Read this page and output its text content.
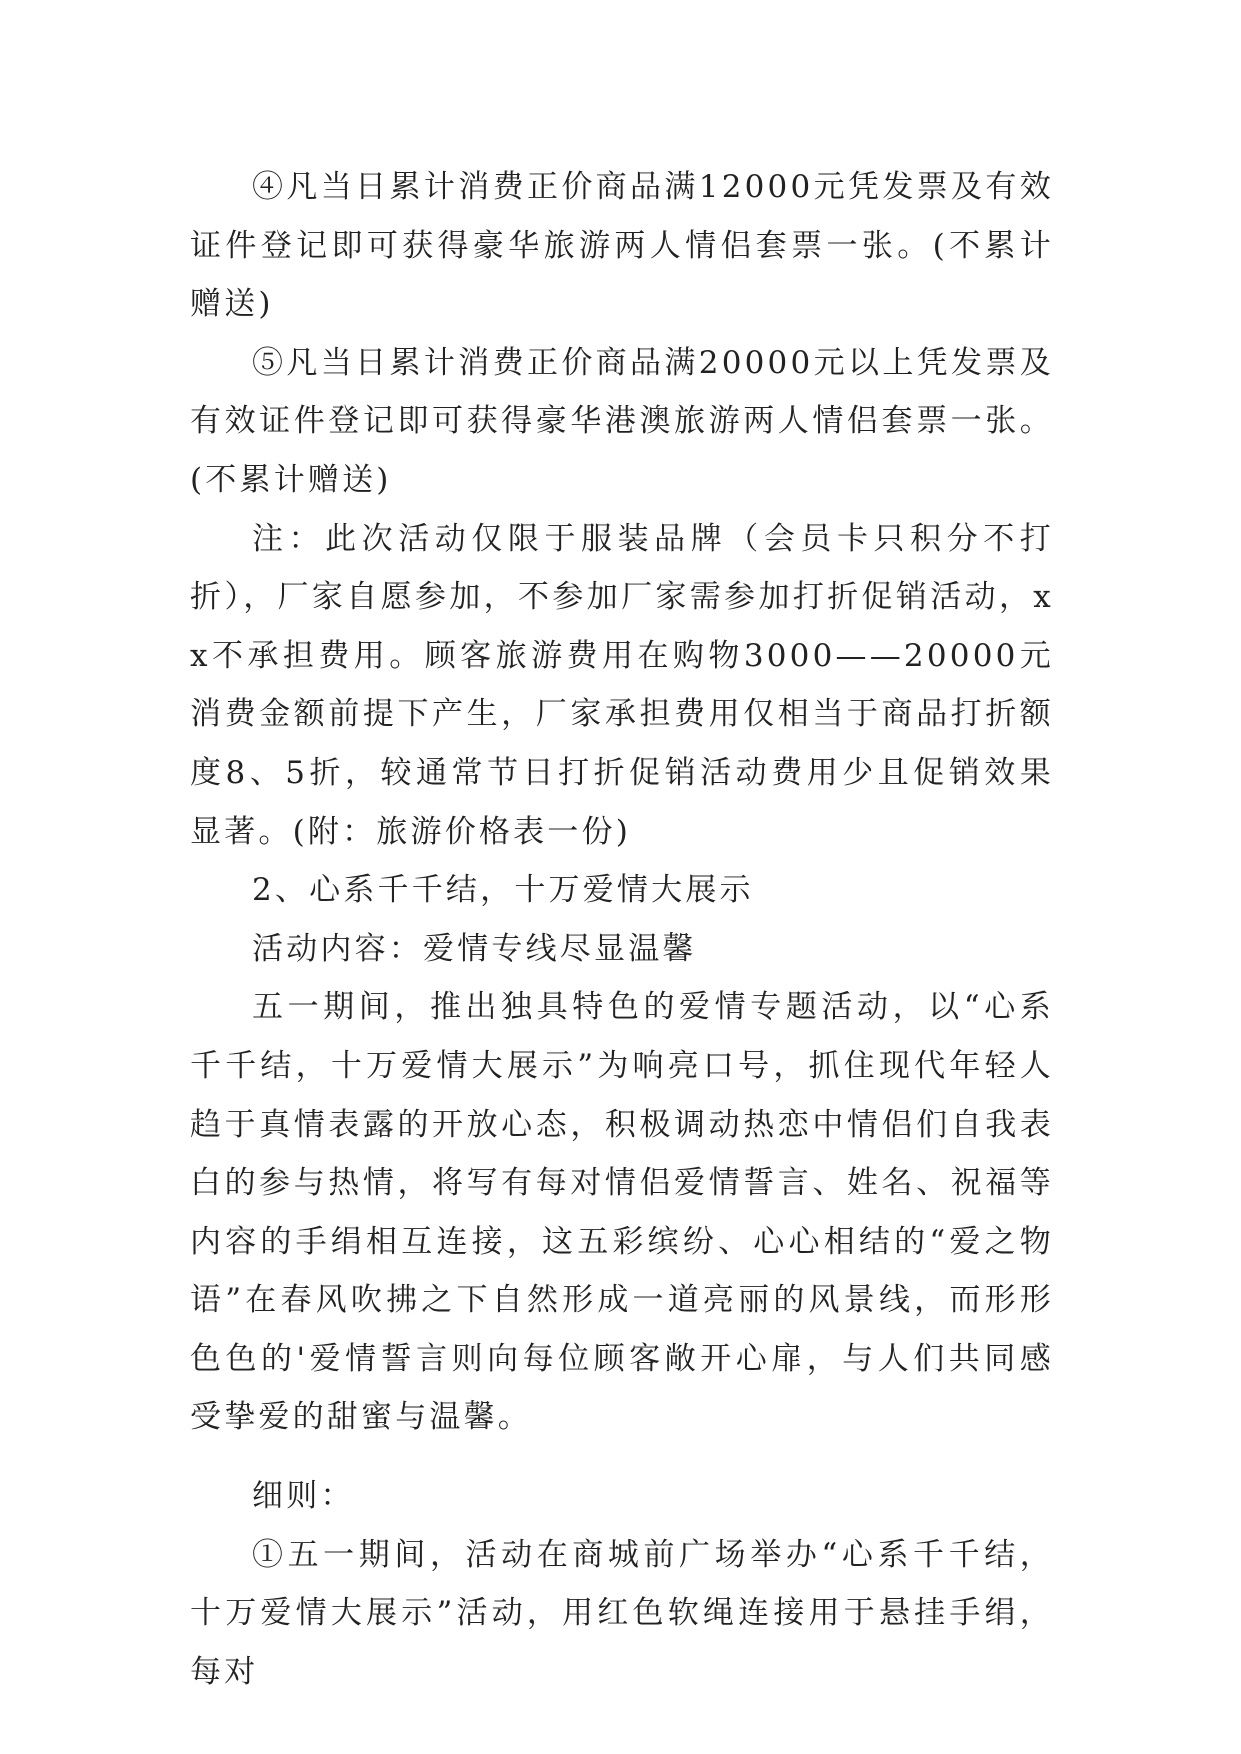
④凡当日累计消费正价商品满12000元凭发票及有效证件登记即可获得豪华旅游两人情侣套票一张。(不累计赠送)

⑤凡当日累计消费正价商品满20000元以上凭发票及有效证件登记即可获得豪华港澳旅游两人情侣套票一张。(不累计赠送)

注：此次活动仅限于服装品牌（会员卡只积分不打折），厂家自愿参加，不参加厂家需参加打折促销活动，xx不承担费用。顾客旅游费用在购物3000——20000元消费金额前提下产生，厂家承担费用仅相当于商品打折额度8、5折，较通常节日打折促销活动费用少且促销效果显著。(附：旅游价格表一份)

2、心系千千结，十万爱情大展示

活动内容：爱情专线尽显温馨

五一期间，推出独具特色的爱情专题活动，以“心系千千结，十万爱情大展示”为响亮口号，抓住现代年轻人趋于真情表露的开放心态，积极调动热恋中情侣们自我表白的参与热情，将写有每对情侣爱情誓言、姓名、祝福等内容的手绢相互连接，这五彩缤纷、心心相结的“爱之物语”在春风吹拂之下自然形成一道亮丽的风景线，而形形色色的'爱情誓言则向每位顾客敞开心扉，与人们共同感受挚爱的甜蜜与温馨。

细则：

①五一期间，活动在商城前广场举办“心系千千结，十万爱情大展示”活动，用红色软绳连接用于悬挂手绢，每对
